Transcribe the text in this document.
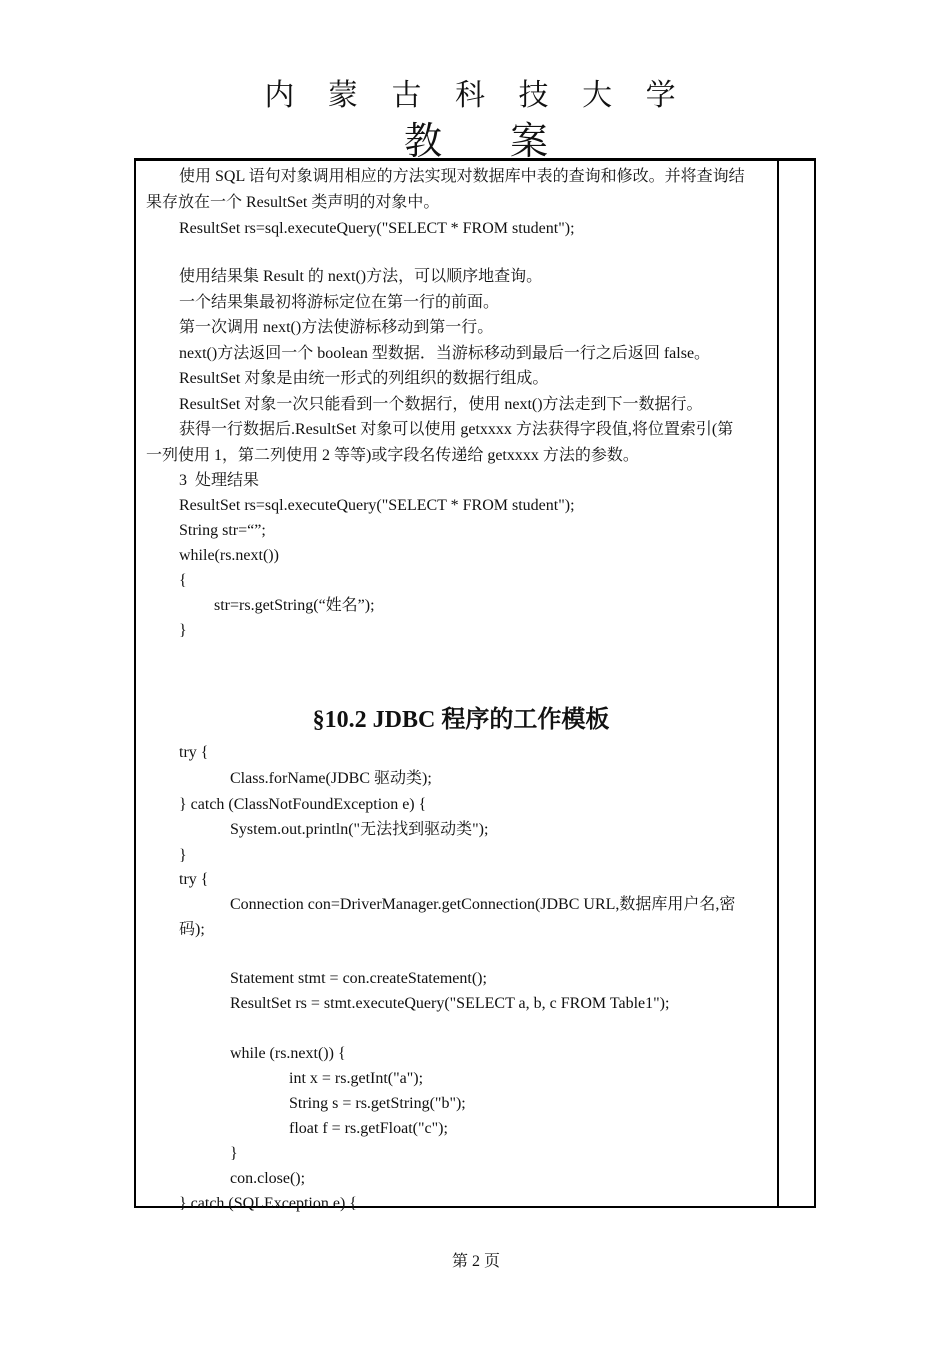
内 蒙 古 科 技 大 学
教 案
§10.2 JDBC 程序的工作模板
使用 SQL 语句对象调用相应的方法实现对数据库中表的查询和修改。并将查询结
果存放在一个 ResultSet 类声明的对象中。
ResultSet rs=sql.executeQuery("SELECT * FROM student");
使用结果集 Result 的 next()方法，可以顺序地查询。
一个结果集最初将游标定位在第一行的前面。
第一次调用 next()方法使游标移动到第一行。
next()方法返回一个 boolean 型数据．当游标移动到最后一行之后返回 false。
ResultSet 对象是由统一形式的列组织的数据行组成。
ResultSet 对象一次只能看到一个数据行，使用 next()方法走到下一数据行。
获得一行数据后.ResultSet 对象可以使用 getxxxx 方法获得字段值,将位置索引(第
一列使用 1，第二列使用 2 等等)或字段名传递给 getxxxx 方法的参数。
3  处理结果
ResultSet rs=sql.executeQuery("SELECT * FROM student");
String str=“”;
while(rs.next())
{
str=rs.getString(“姓名”);
}
try {
Class.forName(JDBC 驱动类);
} catch (ClassNotFoundException e) {
System.out.println("无法找到驱动类");
}
try {
Connection con=DriverManager.getConnection(JDBC URL,数据库用户名,密
码);
Statement stmt = con.createStatement();
ResultSet rs = stmt.executeQuery("SELECT a, b, c FROM Table1");
while (rs.next()) {
int x = rs.getInt("a");
String s = rs.getString("b");
float f = rs.getFloat("c");
}
con.close();
} catch (SQLException e) {
第 2 页
